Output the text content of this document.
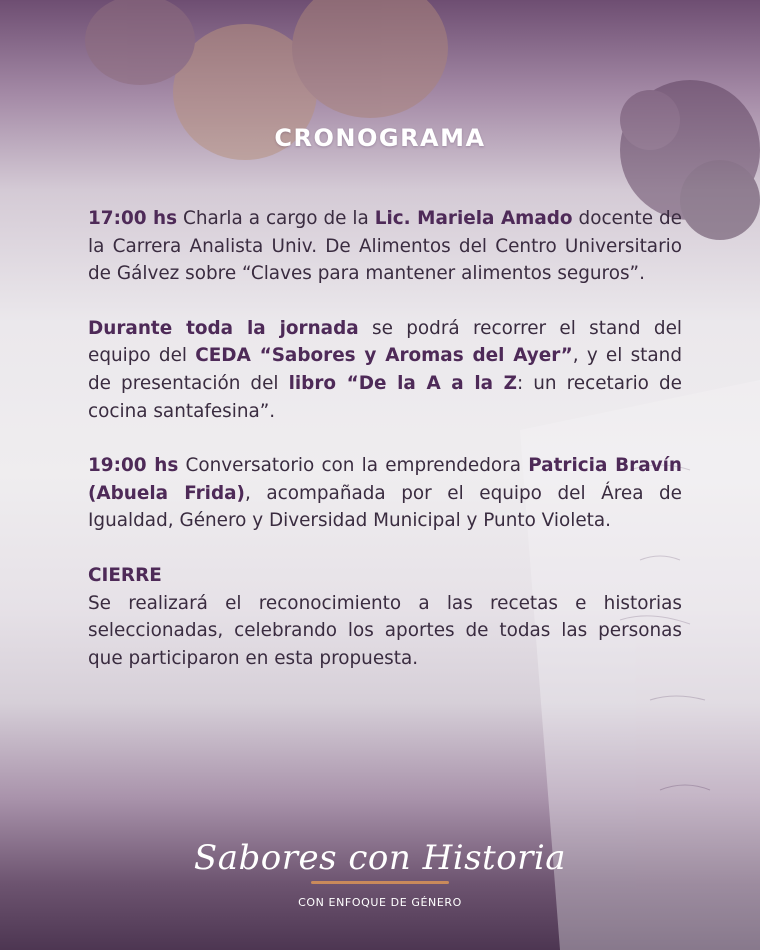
CRONOGRAMA

17:00 hs Charla a cargo de la Lic. Mariela Amado docente de la Carrera Analista Univ. De Alimentos del Centro Universitario de Gálvez sobre “Claves para mantener alimentos seguros”.

Durante toda la jornada se podrá recorrer el stand del equipo del CEDA “Sabores y Aromas del Ayer”, y el stand de presentación del libro “De la A a la Z: un recetario de cocina santafesina”.

19:00 hs Conversatorio con la emprendedora Patricia Bravín (Abuela Frida), acompañada por el equipo del Área de Igualdad, Género y Diversidad Municipal y Punto Violeta.

CIERRE

Se realizará el reconocimiento a las recetas e historias seleccionadas, celebrando los aportes de todas las personas que participaron en esta propuesta.

Sabores con Historia
CON ENFOQUE DE GÉNERO
